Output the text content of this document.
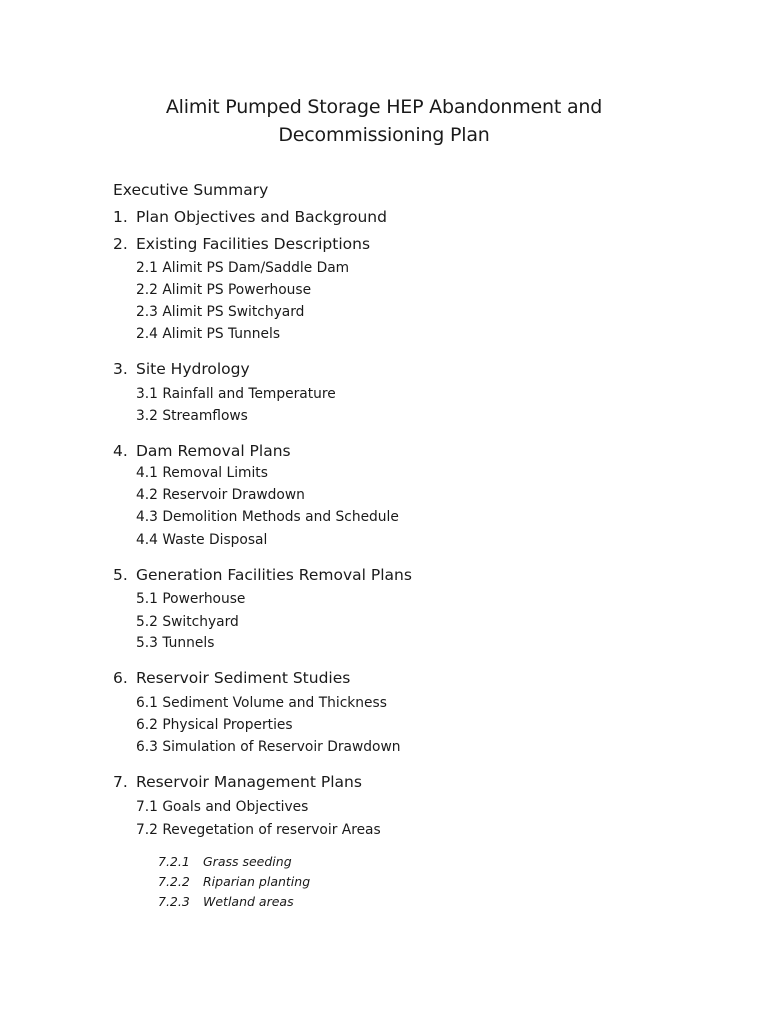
Alimit Pumped Storage HEP Abandonment and
Decommissioning Plan
Executive Summary
1. Plan Objectives and Background
2. Existing Facilities Descriptions
2.1 Alimit PS Dam/Saddle Dam
2.2 Alimit PS Powerhouse
2.3 Alimit PS Switchyard
2.4 Alimit PS Tunnels
3. Site Hydrology
3.1 Rainfall and Temperature
3.2 Streamflows
4. Dam Removal Plans
4.1 Removal Limits
4.2 Reservoir Drawdown
4.3 Demolition Methods and Schedule
4.4 Waste Disposal
5. Generation Facilities Removal Plans
5.1 Powerhouse
5.2 Switchyard
5.3 Tunnels
6. Reservoir Sediment Studies
6.1 Sediment Volume and Thickness
6.2 Physical Properties
6.3 Simulation of Reservoir Drawdown
7. Reservoir Management Plans
7.1 Goals and Objectives
7.2 Revegetation of reservoir Areas
7.2.1 Grass seeding
7.2.2 Riparian planting
7.2.3 Wetland areas
